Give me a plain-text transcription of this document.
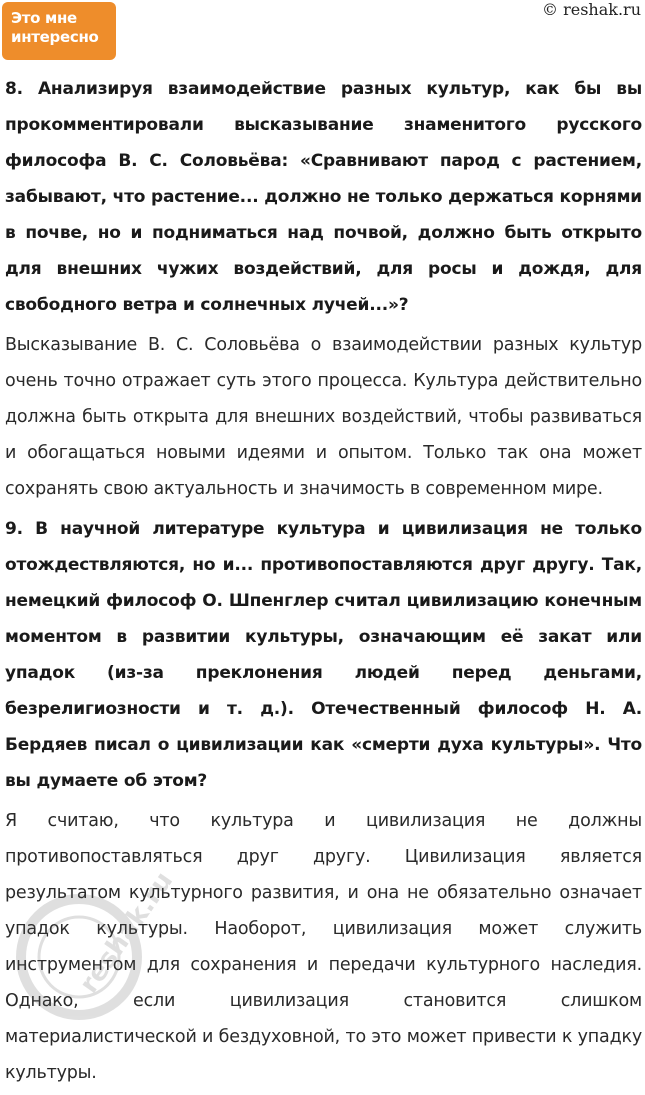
Это мне
интересно
© reshak.ru

8. Анализируя взаимодействие разных культур, как бы вы прокомментировали высказывание знаменитого русского философа В. С. Соловьёва: «Сравнивают парод с растением, забывают, что растение... должно не только держаться корнями в почве, но и подниматься над почвой, должно быть открыто для внешних чужих воздействий, для росы и дождя, для свободного ветра и солнечных лучей...»?

Высказывание В. С. Соловьёва о взаимодействии разных культур очень точно отражает суть этого процесса. Культура действительно должна быть открыта для внешних воздействий, чтобы развиваться и обогащаться новыми идеями и опытом. Только так она может сохранять свою актуальность и значимость в современном мире.

9. В научной литературе культура и цивилизация не только отождествляются, но и... противопоставляются друг другу. Так, немецкий философ О. Шпенглер считал цивилизацию конечным моментом в развитии культуры, означающим её закат или упадок (из-за преклонения людей перед деньгами, безрелигиозности и т. д.). Отечественный философ Н. А. Бердяев писал о цивилизации как «смерти духа культуры». Что вы думаете об этом?

Я считаю, что культура и цивилизация не должны противопоставляться друг другу. Цивилизация является результатом культурного развития, и она не обязательно означает упадок культуры. Наоборот, цивилизация может служить инструментом для сохранения и передачи культурного наследия. Однако, если цивилизация становится слишком материалистической и бездуховной, то это может привести к упадку культуры.

reshak.ru
